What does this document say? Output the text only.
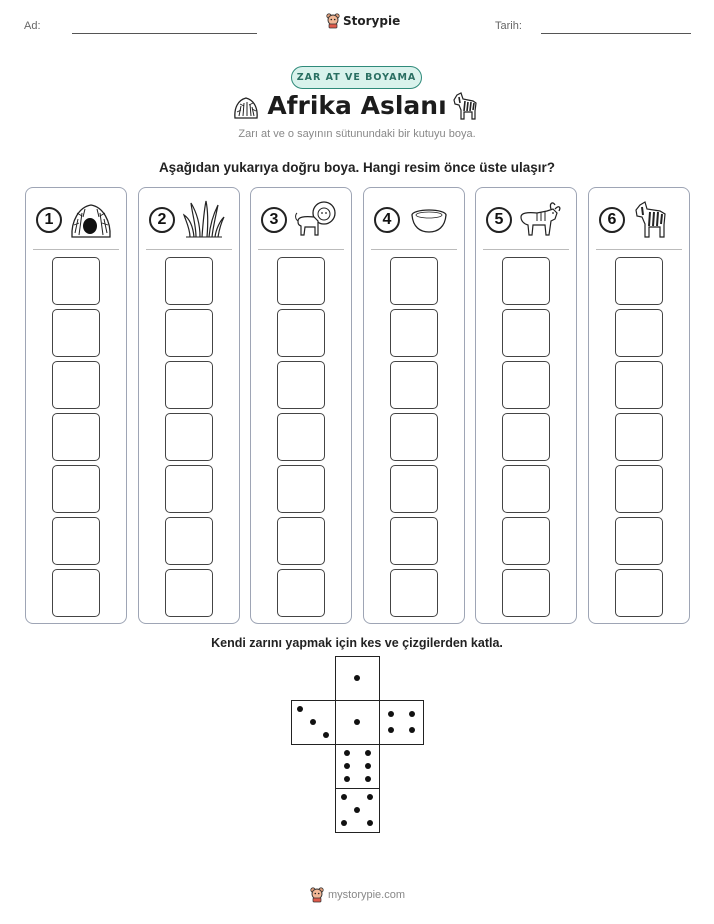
Ad:	Tarih:
Storypie
ZAR AT VE BOYAMA
Afrika Aslanı
Zarı at ve o sayının sütunundaki bir kutuyu boya.
Aşağıdan yukarıya doğru boya. Hangi resim önce üste ulaşır?
1	2	3	4	5	6
Kendi zarını yapmak için kes ve çizgilerden katla.
mystorypie.com
